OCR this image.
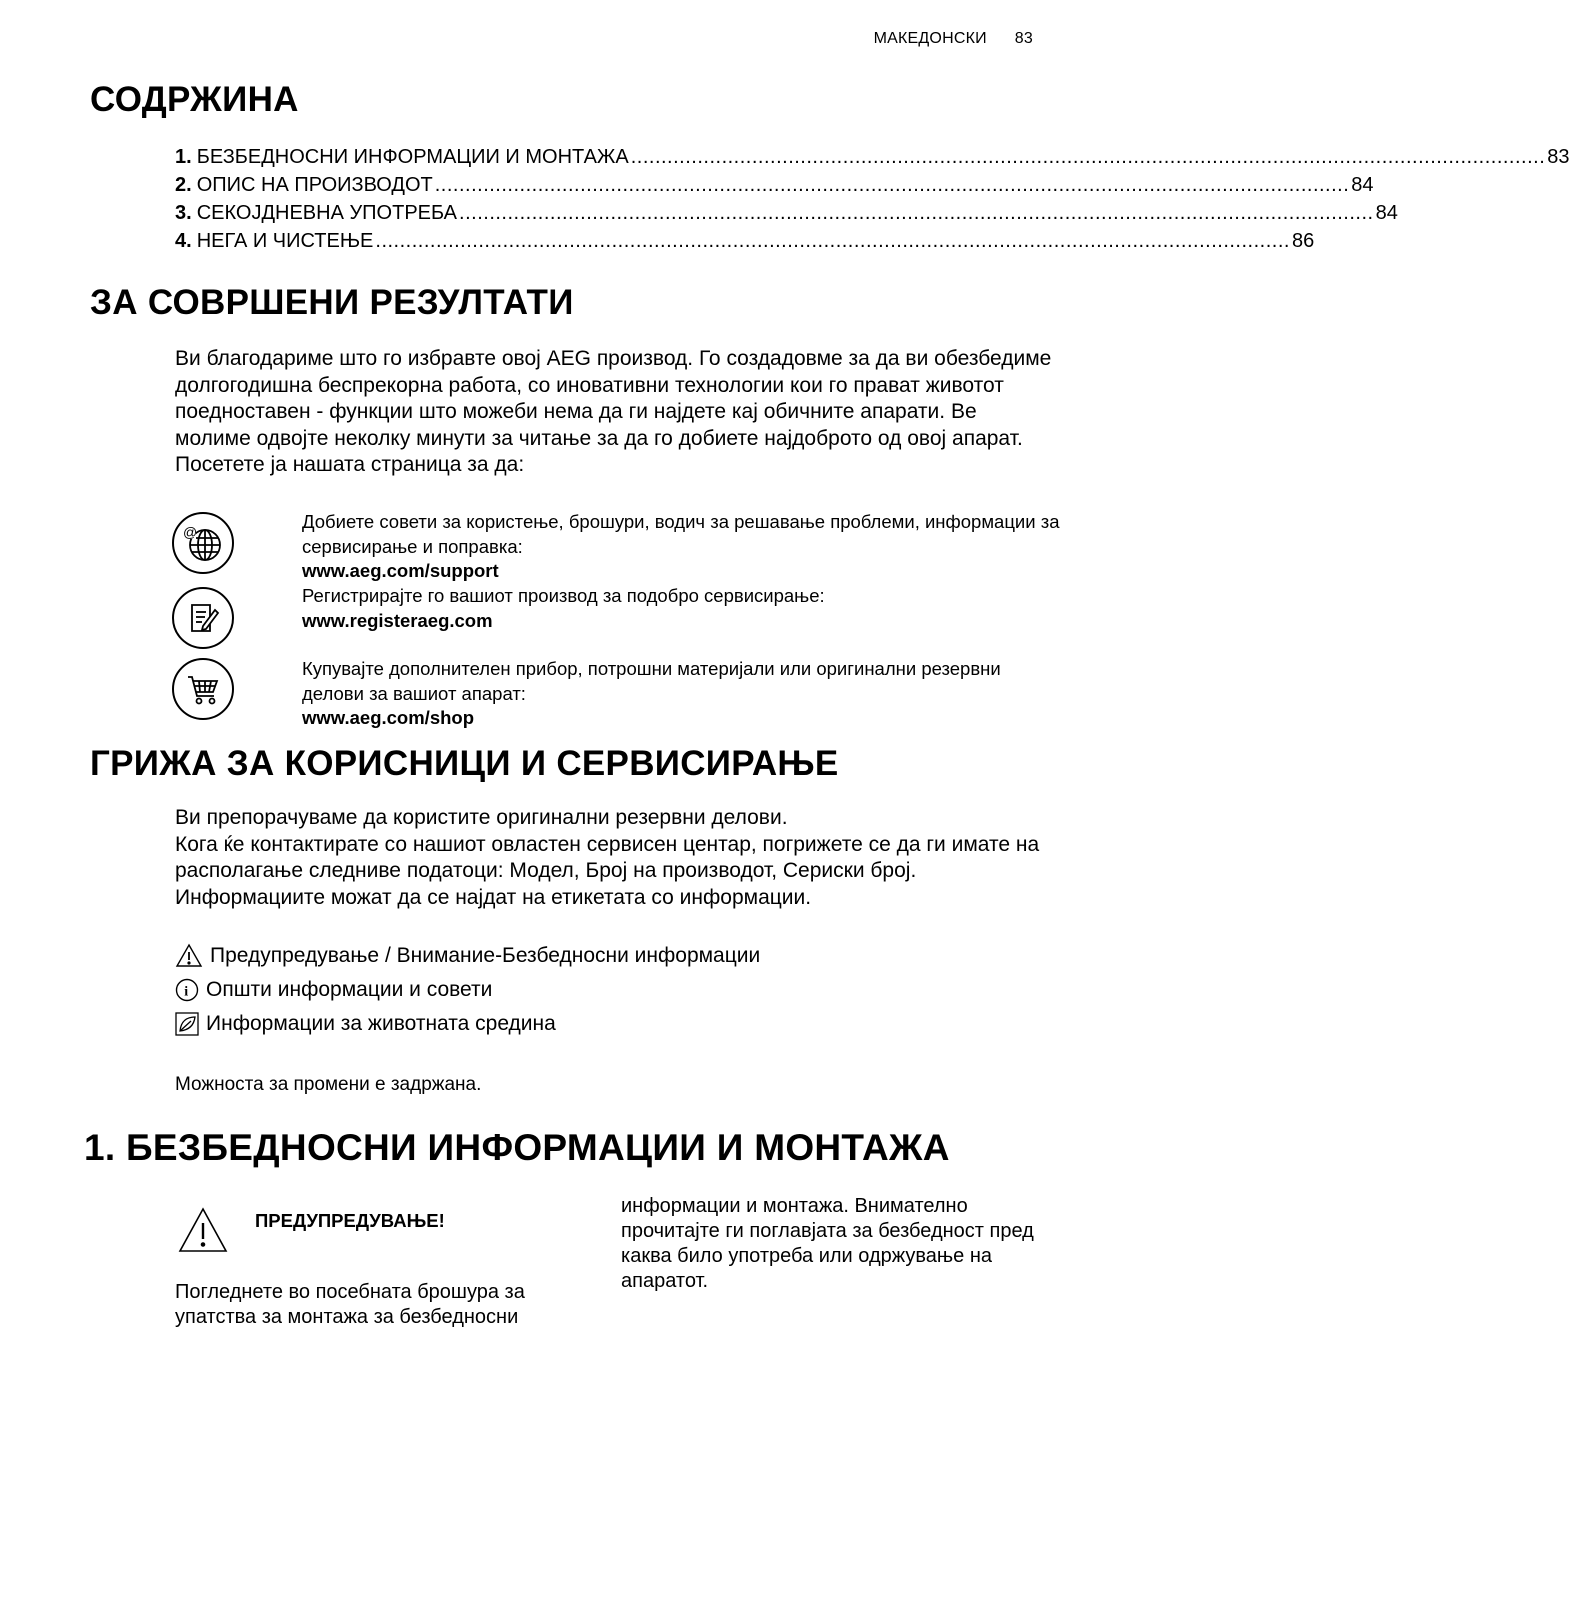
МАКЕДОНСКИ 83
СОДРЖИНА
1. БЕЗБЕДНОСНИ ИНФОРМАЦИИ И МОНТАЖА ....................................................................................................................................................... 83
2. ОПИС НА ПРОИЗВОДОТ ....................................................................................................................................................... 84
3. СЕКОЈДНЕВНА УПОТРЕБА ....................................................................................................................................................... 84
4. НЕГА И ЧИСТЕЊЕ ....................................................................................................................................................... 86
ЗА СОВРШЕНИ РЕЗУЛТАТИ

Ви благодариме што го избравте овој AEG производ. Го создадовме за да ви обезбедиме долгогодишна беспрекорна работа, со иновативни технологии кои го прават животот поедноставен - функции што можеби нема да ги најдете кај обичните апарати. Ве молиме одвојте неколку минути за читање за да го добиете најдоброто од овој апарат.

Посетете ја нашата страница за да:

@	Добиете совети за користење, брошури, водич за решавање проблеми, информации за сервисирање и поправка:

www.aeg.com/support

Регистрирајте го вашиот производ за подобро сервисирање:

www.registeraeg.com

Купувајте дополнителен прибор, потрошни материјали или оригинални резервни делови за вашиот апарат:

www.aeg.com/shop

ГРИЖА ЗА КОРИСНИЦИ И СЕРВИСИРАЊЕ

Ви препорачуваме да користите оригинални резервни делови.

Кога ќе контактирате со нашиот овластен сервисен центар, погрижете се да ги имате на располагање следниве податоци: Модел, Број на производот, Сериски број.

Информациите можат да се најдат на етикетата со информации.

Предупредување / Внимание-Безбедносни информации
i Општи информации и совети
Информации за животната средина
Можноста за промени е задржана.
1. БЕЗБЕДНОСНИ ИНФОРМАЦИИ И МОНТАЖА
ПРЕДУПРЕДУВАЊЕ!

Погледнете во посебната брошура за упатства за монтажа за безбедносни

информации и монтажа. Внимателно прочитајте ги поглавјата за безбедност пред каква било употреба или одржување на апаратот.
